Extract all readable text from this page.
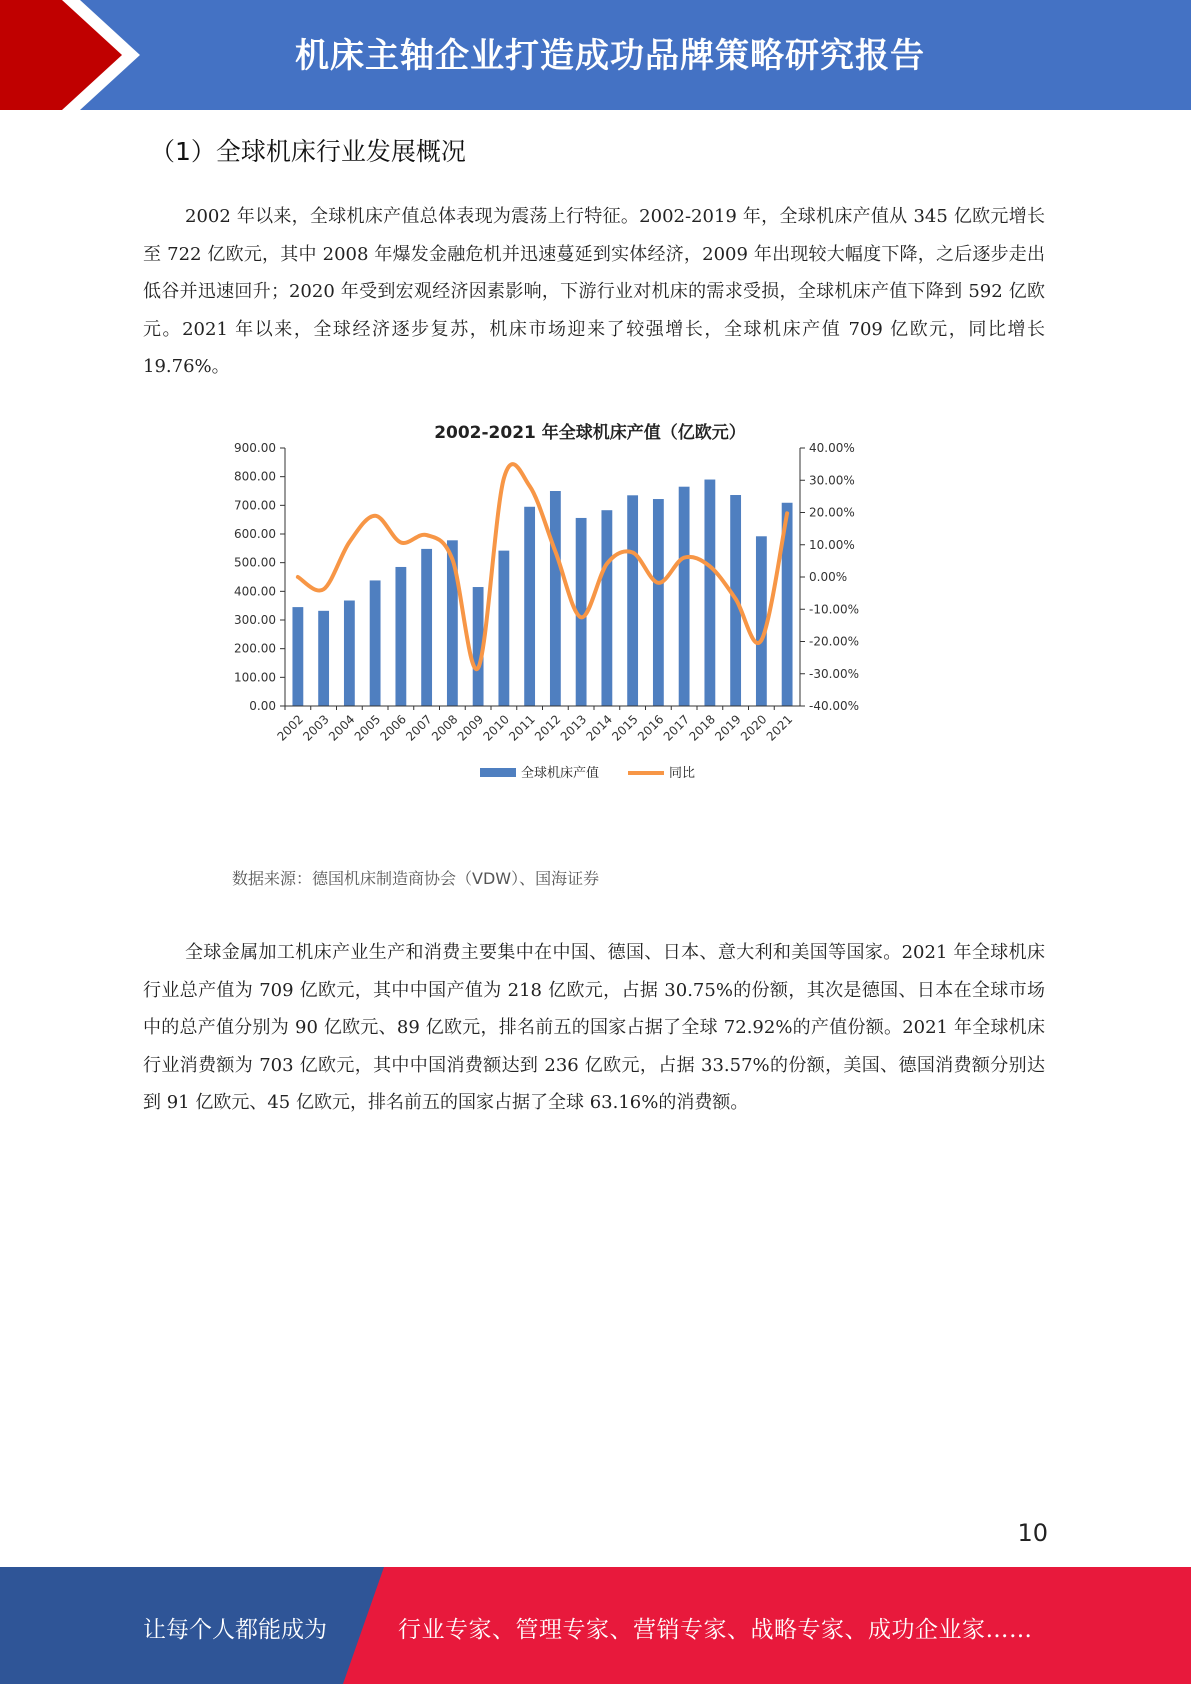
机床主轴企业打造成功品牌策略研究报告
（1）全球机床行业发展概况
2002 年以来，全球机床产值总体表现为震荡上行特征。2002-2019 年，全球机床产值从 345 亿欧元增长至 722 亿欧元，其中 2008 年爆发金融危机并迅速蔓延到实体经济，2009 年出现较大幅度下降，之后逐步走出低谷并迅速回升；2020 年受到宏观经济因素影响，下游行业对机床的需求受损，全球机床产值下降到 592 亿欧元。2021 年以来，全球经济逐步复苏，机床市场迎来了较强增长，全球机床产值 709 亿欧元，同比增长 19.76%。
2002-2021 年全球机床产值（亿欧元）
900.00
800.00
700.00
600.00
500.00
400.00
300.00
200.00
100.00
0.00
40.00%
30.00%
20.00%
10.00%
0.00%
-10.00%
-20.00%
-30.00%
-40.00%
2002
2003
2004
2005
2006
2007
2008
2009
2010
2011
2012
2013
2014
2015
2016
2017
2018
2019
2020
2021
全球机床产值	同比
数据来源：德国机床制造商协会（VDW）、国海证券
全球金属加工机床产业生产和消费主要集中在中国、德国、日本、意大利和美国等国家。2021 年全球机床行业总产值为 709 亿欧元，其中中国产值为 218 亿欧元，占据 30.75%的份额，其次是德国、日本在全球市场中的总产值分别为 90 亿欧元、89 亿欧元，排名前五的国家占据了全球 72.92%的产值份额。2021 年全球机床行业消费额为 703 亿欧元，其中中国消费额达到 236 亿欧元，占据 33.57%的份额，美国、德国消费额分别达到 91 亿欧元、45 亿欧元，排名前五的国家占据了全球 63.16%的消费额。
10
让每个人都能成为	行业专家、管理专家、营销专家、战略专家、成功企业家……
